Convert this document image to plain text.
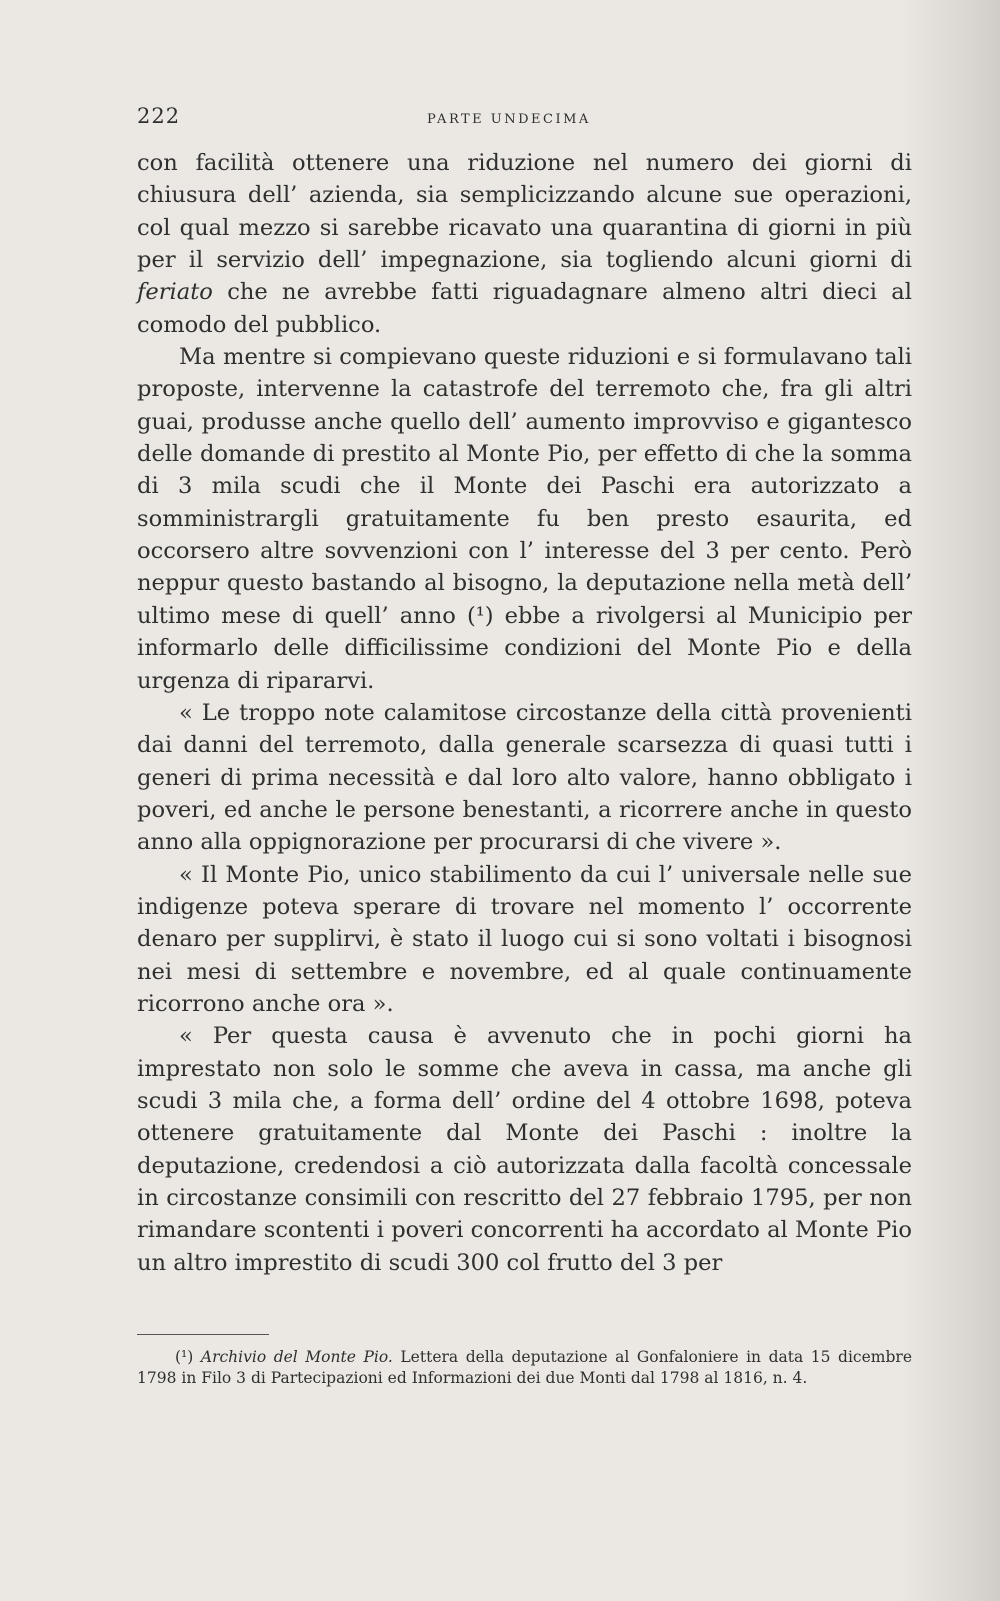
222	PARTE UNDECIMA

con facilità ottenere una riduzione nel numero dei giorni di chiusura dell’ azienda, sia semplicizzando alcune sue operazioni, col qual mezzo si sarebbe ricavato una quarantina di giorni in più per il servizio dell’ impegnazione, sia togliendo alcuni giorni di feriato che ne avrebbe fatti riguadagnare almeno altri dieci al comodo del pubblico.

Ma mentre si compievano queste riduzioni e si formulavano tali proposte, intervenne la catastrofe del terremoto che, fra gli altri guai, produsse anche quello dell’ aumento improvviso e gigantesco delle domande di prestito al Monte Pio, per effetto di che la somma di 3 mila scudi che il Monte dei Paschi era autorizzato a somministrargli gratuitamente fu ben presto esaurita, ed occorsero altre sovvenzioni con l’ interesse del 3 per cento. Però neppur questo bastando al bisogno, la deputazione nella metà dell’ ultimo mese di quell’ anno (¹) ebbe a rivolgersi al Municipio per informarlo delle difficilissime condizioni del Monte Pio e della urgenza di ripararvi.

« Le troppo note calamitose circostanze della città provenienti dai danni del terremoto, dalla generale scarsezza di quasi tutti i generi di prima necessità e dal loro alto valore, hanno obbligato i poveri, ed anche le persone benestanti, a ricorrere anche in questo anno alla oppignorazione per procurarsi di che vivere ».

« Il Monte Pio, unico stabilimento da cui l’ universale nelle sue indigenze poteva sperare di trovare nel momento l’ occorrente denaro per supplirvi, è stato il luogo cui si sono voltati i bisognosi nei mesi di settembre e novembre, ed al quale continuamente ricorrono anche ora ».

« Per questa causa è avvenuto che in pochi giorni ha imprestato non solo le somme che aveva in cassa, ma anche gli scudi 3 mila che, a forma dell’ ordine del 4 ottobre 1698, poteva ottenere gratuitamente dal Monte dei Paschi : inoltre la deputazione, credendosi a ciò autorizzata dalla facoltà concessale in circostanze consimili con rescritto del 27 febbraio 1795, per non rimandare scontenti i poveri concorrenti ha accordato al Monte Pio un altro imprestito di scudi 300 col frutto del 3 per

(¹) Archivio del Monte Pio. Lettera della deputazione al Gonfaloniere in data 15 dicembre 1798 in Filo 3 di Partecipazioni ed Informazioni dei due Monti dal 1798 al 1816, n. 4.
